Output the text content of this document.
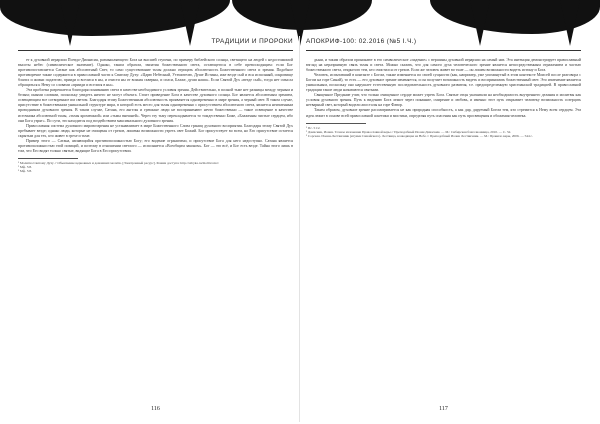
ТРАДИЦИИ И ПРОРОКИ

ет к духовной иерархии Псевдо-Дионисия, размышляющего Бога на высшей ступени, по примеру библейского солнца, светящего на людей с недостижимой высоты небес (символическое значение). Однако, таким образом, эмпатия божественного света, остающегося в себе превосходящим: если Бог противопоставляется Сатане как абсолютный Свет, то само существование тьмы должно отрицать абсолютность Божественного света и зрения. Подобное противоречие также содержится в православной части к Святому Духу: «Царю Небесный, Утешителю, Душе Истины, иже везде сый и вся исполняяй, сокровище благих и жизни подателю, прииди и вселися в ны, и очисти ны от всякия скверны, и спаси, Блаже, души наша». Если Святой Дух «везде сый», тогда нет смысла обращаться к Нему со словами «прииди и вселися в ны».

Эта проблема разрешается благодаря пониманию света в качестве необходимого условия зрения. Действительно, в полной тьме нет разницы между черным и белым; иными словами, поскольку увидеть ничего не могут объекта. Стоит приведение Бога в качестве духовного солнца. Бог является абсолютным зрением, освещающим все сотворенное им светом. Благодаря этому Божественным абсолютность проявляется одновременно в мире зрения, а черный свет. В таком случае, присутствие в божественном уникальной структуре мира, в которой есть место для тьмы одновременно с присутствием абсолютного света, является неизменным проводником духовного зрения. В таком случае, Сатана, его ангелы и грешные люди не воспринимают нечто божественно — такое освещение в качестве источника абсолютной тьмы, «тьмы кромешной» или «тьмы внешней». Через эту тьму перекладывается то тождественно Боже, «Блаженны чистые сердцем, ибо они Бога узрят». По сути, это находится под воздействием максимального духовного зрения.

Православная система духовного мировоззрения не устанавливает в мире Божественного Слова границ духовного восприятия. Благодаря этому Святой Дух пребывает везде; однако люди, которые не очищены от грехов, лишены возможности узреть свет Божий. Бог присутствует во всем, но Его присутствие остается скрытым для тех, кто живет в грехе и тьме.

Пример этого — Сатана, являющийся противоположностью Богу; его видение ограничено, и присутствие Бога для него недоступно. Сатана является противоположностью этой позиций, и поэтому в отношении светлого — исполняется «Всеобщим законом». Бог — это всё, и Бог есть везде. Тайна этого лишь в том, что Его видят только святые, видящие Бога в Его присутствии.

¹ Молитва Святому Духу // Объяснение церковных и домашних молитв. [Электронный ресурс]. Режим доступа: http://azbyka.ru/molitvoslov
² Мф. 5:8.
³ Мф. 5:8.
116
АПОКРИФ-100: 02.2016 (№5 I.Ч.)

дыни, и таким образом проникают в его символическое «падение» с вершины духовной иерархии на самый низ. Эта интенция демонстрирует православный взгляд на неразрывную связь тьмы и света. Можно сказать, что для самого духа человеческого зрение является непосредственным отражением и частью божественного света, открытого тем, кто очистился от грехов. Если же человек живет во тьме — он лишен возможности видеть истину и Бога.

Человек, испытавший в контакте с Богом, также изменяется по своей сущности (как, например, уже упоминутый в этом контексте Моисей после разговора с Богом на горе Синай), то есть — его духовное зрение изменяется, и он получает возможность видеть и воспринимать божественный свет. Это изменение является уникальным, поскольку оно нарушает естественную последовательность духовного развития, т.е. предопределенную христианской традицией. В православной традиции такие люди называются святыми.

Священное Предание учит, что только очищенное сердце может узреть Бога. Святые отцы указывали на необходимость внутреннего делания и молитвы как условия духовного зрения. Путь к видению Бога лежит через покаяние, смирение и любовь, и именно этот путь открывает человеку возможность созерцать нетварный свет, который видели апостолы на горе Фавор.

Таким образом, духовное зрение рассматривается не как природная способность, а как дар, даруемый Богом тем, кто стремится к Нему всем сердцем. Эта идея лежит в основе всей православной аскетики и мистики, определяя путь спасения как путь просвещения и обожения человека.

¹ Пс. 51:2.
² Дамаскин, Иоанн. Точное изложение Православной веры // Преподобный Иоанн Дамаскин. — М.: Сибирская благозвонница, 2010. — С. 52.
³ Сорская. Иоанн-Лествичник (игумен Синайского). Лествица, возводящая на Небо // Преподобный Иоанн Лествичник. — М.: Правило веры, 2006. — 544 с.
117
